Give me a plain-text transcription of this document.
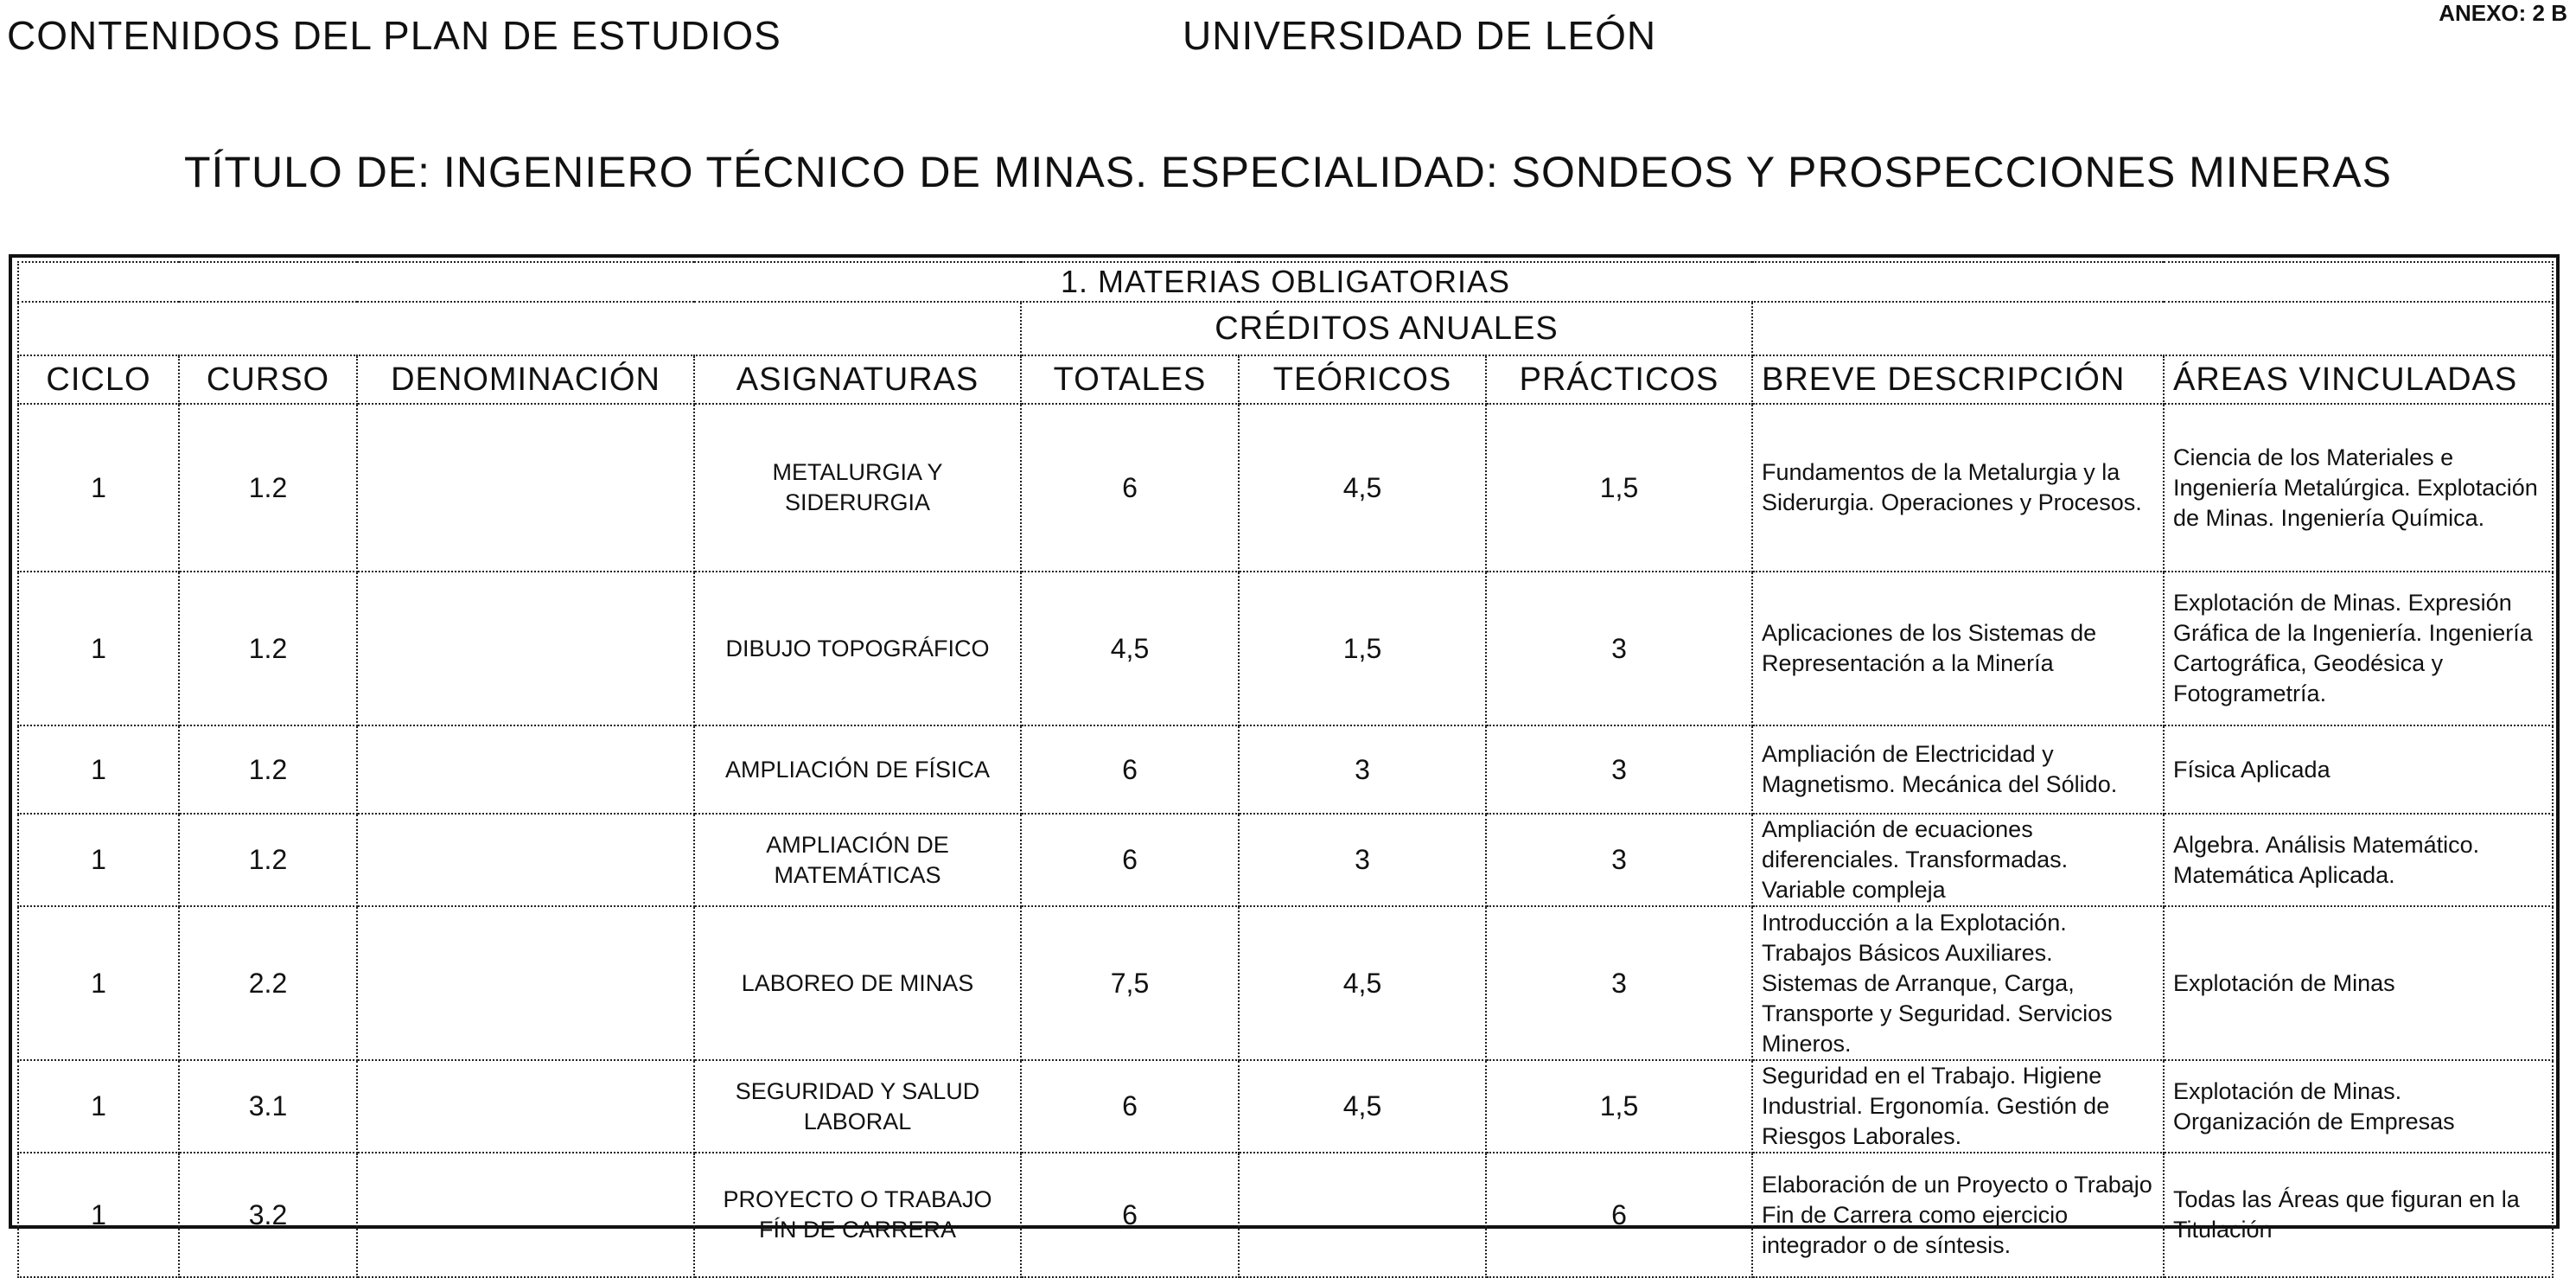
CONTENIDOS DEL PLAN DE ESTUDIOS	UNIVERSIDAD DE LEÓN	ANEXO: 2 B
TÍTULO DE: INGENIERO TÉCNICO DE MINAS. ESPECIALIDAD: SONDEOS Y PROSPECCIONES MINERAS
1. MATERIAS OBLIGATORIAS								
				CRÉDITOS ANUALES				
CICLO	CURSO	DENOMINACIÓN	ASIGNATURAS	TOTALES	TEÓRICOS	PRÁCTICOS	BREVE DESCRIPCIÓN	ÁREAS VINCULADAS
1	1.2		METALURGIA Y SIDERURGIA	6	4,5	1,5	Fundamentos de la Metalurgia y la Siderurgia. Operaciones y Procesos.	Ciencia de los Materiales e Ingeniería Metalúrgica. Explotación de Minas. Ingeniería Química.
1	1.2		DIBUJO TOPOGRÁFICO	4,5	1,5	3	Aplicaciones de los Sistemas de Representación a la Minería	Explotación de Minas. Expresión Gráfica de la Ingeniería. Ingeniería Cartográfica, Geodésica y Fotogrametría.
1	1.2		AMPLIACIÓN DE FÍSICA	6	3	3	Ampliación de Electricidad y Magnetismo. Mecánica del Sólido.	Física Aplicada
1	1.2		AMPLIACIÓN DE MATEMÁTICAS	6	3	3	Ampliación de ecuaciones diferenciales. Transformadas. Variable compleja	Algebra. Análisis Matemático. Matemática Aplicada.
1	2.2		LABOREO DE MINAS	7,5	4,5	3	Introducción a la Explotación. Trabajos Básicos Auxiliares. Sistemas de Arranque, Carga, Transporte y Seguridad. Servicios Mineros.	Explotación de Minas
1	3.1		SEGURIDAD Y SALUD LABORAL	6	4,5	1,5	Seguridad en el Trabajo. Higiene Industrial. Ergonomía. Gestión de Riesgos Laborales.	Explotación de Minas. Organización de Empresas
1	3.2		PROYECTO O TRABAJO FÍN DE CARRERA	6		6	Elaboración de un Proyecto o Trabajo Fin de Carrera como ejercicio integrador o de síntesis.	Todas las Áreas que figuran en la Titulación
